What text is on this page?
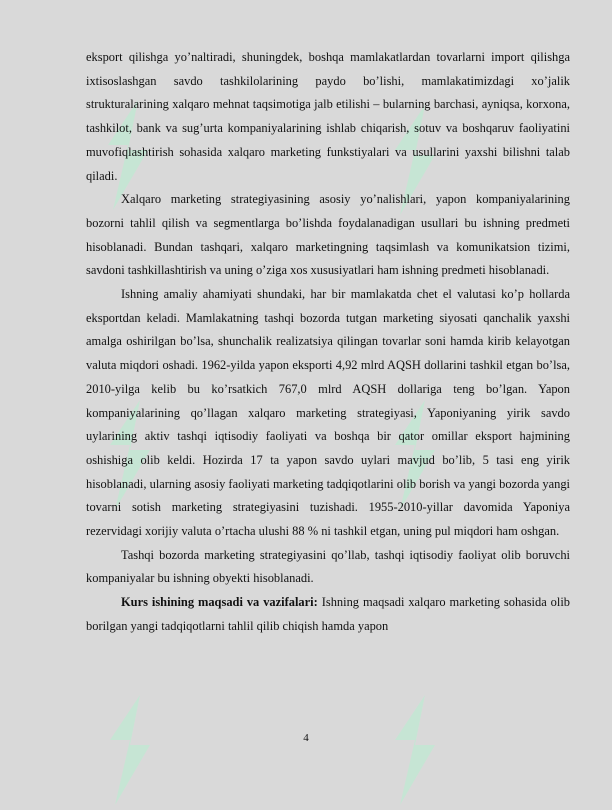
eksport qilishga yo’naltiradi, shuningdek, boshqa mamlakatlardan tovarlarni import qilishga ixtisoslashgan savdo tashkilolarining paydo bo’lishi, mamlakatimizdagi xo’jalik strukturalarining xalqaro mehnat taqsimotiga jalb etilishi – bularning barchasi, ayniqsa, korxona, tashkilot, bank va sug’urta kompaniyalarining ishlab chiqarish, sotuv va boshqaruv faoliyatini muvofiqlashtirish sohasida xalqaro marketing funkstiyalari va usullarini yaxshi bilishni talab qiladi.

Xalqaro marketing strategiyasining asosiy yo’nalishlari, yapon kompaniyalarining bozorni tahlil qilish va segmentlarga bo’lishda foydalanadigan usullari bu ishning predmeti hisoblanadi. Bundan tashqari, xalqaro marketingning taqsimlash va komunikatsion tizimi, savdoni tashkillashtirish va uning o’ziga xos xususiyatlari ham ishning predmeti hisoblanadi.

Ishning amaliy ahamiyati shundaki, har bir mamlakatda chet el valutasi ko’p hollarda eksportdan keladi. Mamlakatning tashqi bozorda tutgan marketing siyosati qanchalik yaxshi amalga oshirilgan bo’lsa, shunchalik realizatsiya qilingan tovarlar soni hamda kirib kelayotgan valuta miqdori oshadi. 1962-yilda yapon eksporti 4,92 mlrd AQSH dollarini tashkil etgan bo’lsa, 2010-yilga kelib bu ko’rsatkich 767,0 mlrd AQSH dollariga teng bo’lgan. Yapon kompaniyalarining qo’llagan xalqaro marketing strategiyasi, Yaponiyaning yirik savdo uylarining aktiv tashqi iqtisodiy faoliyati va boshqa bir qator omillar eksport hajmining oshishiga olib keldi. Hozirda 17 ta yapon savdo uylari mavjud bo’lib, 5 tasi eng yirik hisoblanadi, ularning asosiy faoliyati marketing tadqiqotlarini olib borish va yangi bozorda yangi tovarni sotish marketing strategiyasini tuzishadi. 1955-2010-yillar davomida Yaponiya rezervidagi xorijiy valuta o’rtacha ulushi 88 % ni tashkil etgan, uning pul miqdori ham oshgan.

Tashqi bozorda marketing strategiyasini qo’llab, tashqi iqtisodiy faoliyat olib boruvchi kompaniyalar bu ishning obyekti hisoblanadi.

Kurs ishining maqsadi va vazifalari: Ishning maqsadi xalqaro marketing sohasida olib borilgan yangi tadqiqotlarni tahlil qilib chiqish hamda yapon

4
